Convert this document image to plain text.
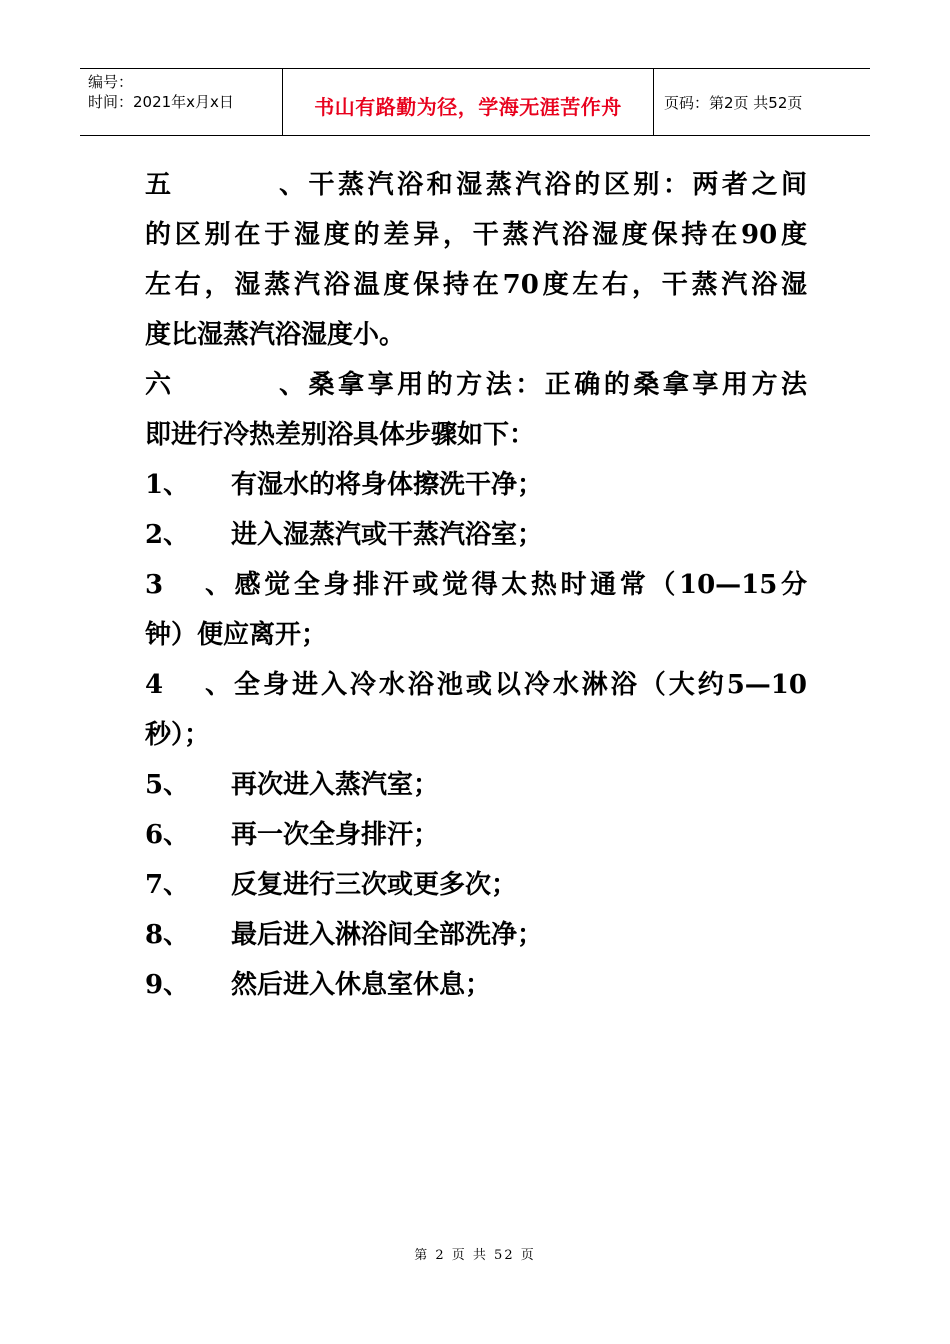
编号：
时间：2021年x月x日	书山有路勤为径，学海无涯苦作舟	页码：第2页 共52页
五、干蒸汽浴和湿蒸汽浴的区别：两者之间
的区别在于湿度的差异，干蒸汽浴湿度保持在90度
左右，湿蒸汽浴温度保持在70度左右，干蒸汽浴湿
度比湿蒸汽浴湿度小。
六、桑拿享用的方法：正确的桑拿享用方法
即进行冷热差别浴具体步骤如下：
1、 有湿水的将身体擦洗干净；
2、 进入湿蒸汽或干蒸汽浴室；
3、感觉全身排汗或觉得太热时通常（10—15分
钟）便应离开；
4、全身进入冷水浴池或以冷水淋浴（大约5—10
秒）；
5、 再次进入蒸汽室；
6、 再一次全身排汗；
7、 反复进行三次或更多次；
8、 最后进入淋浴间全部洗净；
9、 然后进入休息室休息；
第 2 页 共 52 页
